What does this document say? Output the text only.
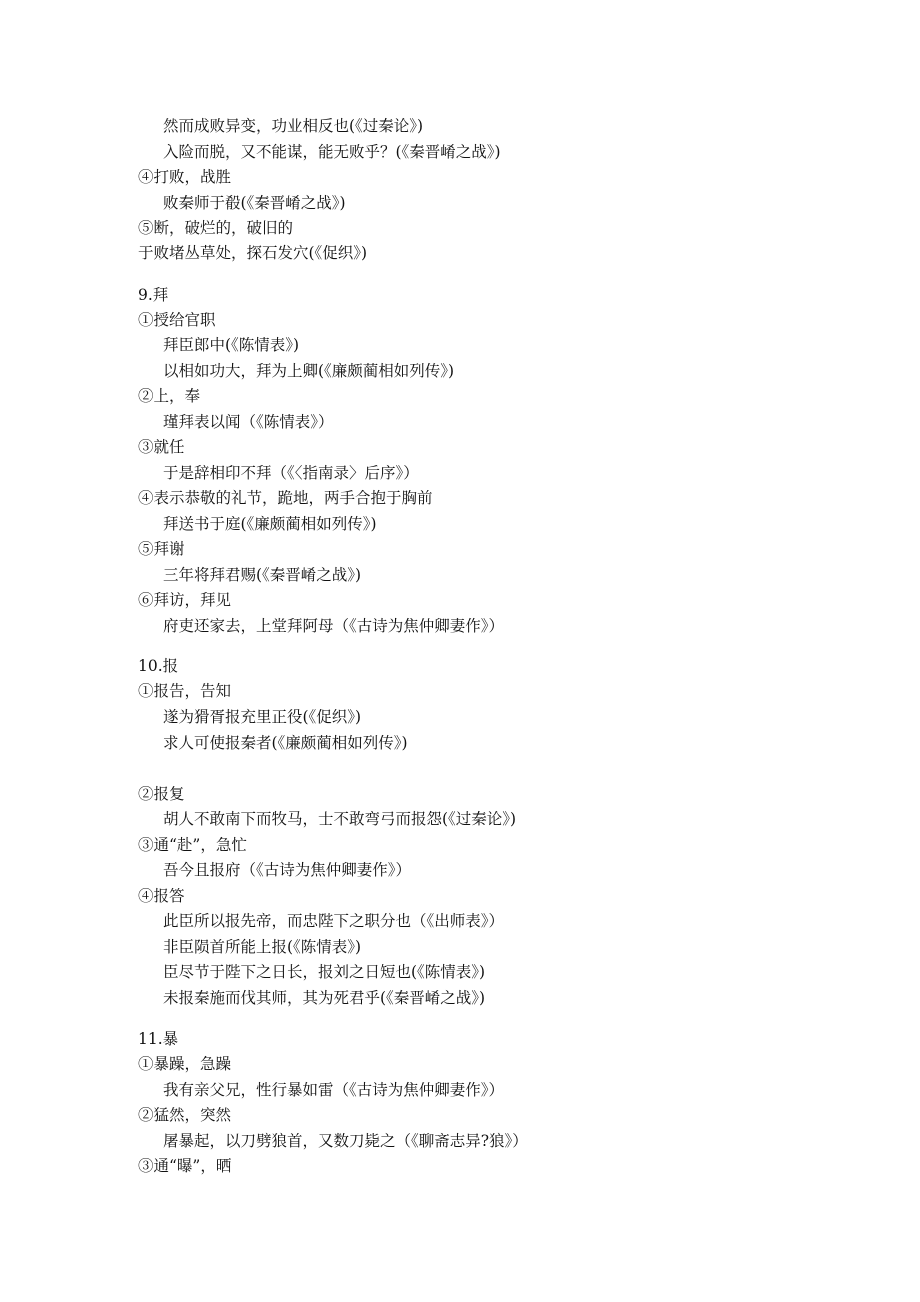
然而成败异变，功业相反也(《过秦论》)
入险而脱，又不能谋，能无败乎？(《秦晋崤之战》)
④打败，战胜
败秦师于殽(《秦晋崤之战》)
⑤断，破烂的，破旧的
于败堵丛草处，探石发穴(《促织》)
9.拜
①授给官职
拜臣郎中(《陈情表》)
以相如功大，拜为上卿(《廉颇蔺相如列传》)
②上，奉
瑾拜表以闻（《陈情表》）
③就任
于是辞相印不拜（《〈指南录〉后序》）
④表示恭敬的礼节，跪地，两手合抱于胸前
拜送书于庭(《廉颇蔺相如列传》)
⑤拜谢
三年将拜君赐(《秦晋崤之战》)
⑥拜访，拜见
府吏还家去，上堂拜阿母（《古诗为焦仲卿妻作》）
10.报
①报告，告知
遂为猾胥报充里正役(《促织》)
求人可使报秦者(《廉颇蔺相如列传》)
②报复
胡人不敢南下而牧马，士不敢弯弓而报怨(《过秦论》)
③通“赴”，急忙
吾今且报府（《古诗为焦仲卿妻作》）
④报答
此臣所以报先帝，而忠陛下之职分也（《出师表》）
非臣陨首所能上报(《陈情表》)
臣尽节于陛下之日长，报刘之日短也(《陈情表》)
未报秦施而伐其师，其为死君乎(《秦晋崤之战》)
11.暴
①暴躁，急躁
我有亲父兄，性行暴如雷（《古诗为焦仲卿妻作》）
②猛然，突然
屠暴起，以刀劈狼首，又数刀毙之（《聊斋志异?狼》）
③通“曝”，晒
